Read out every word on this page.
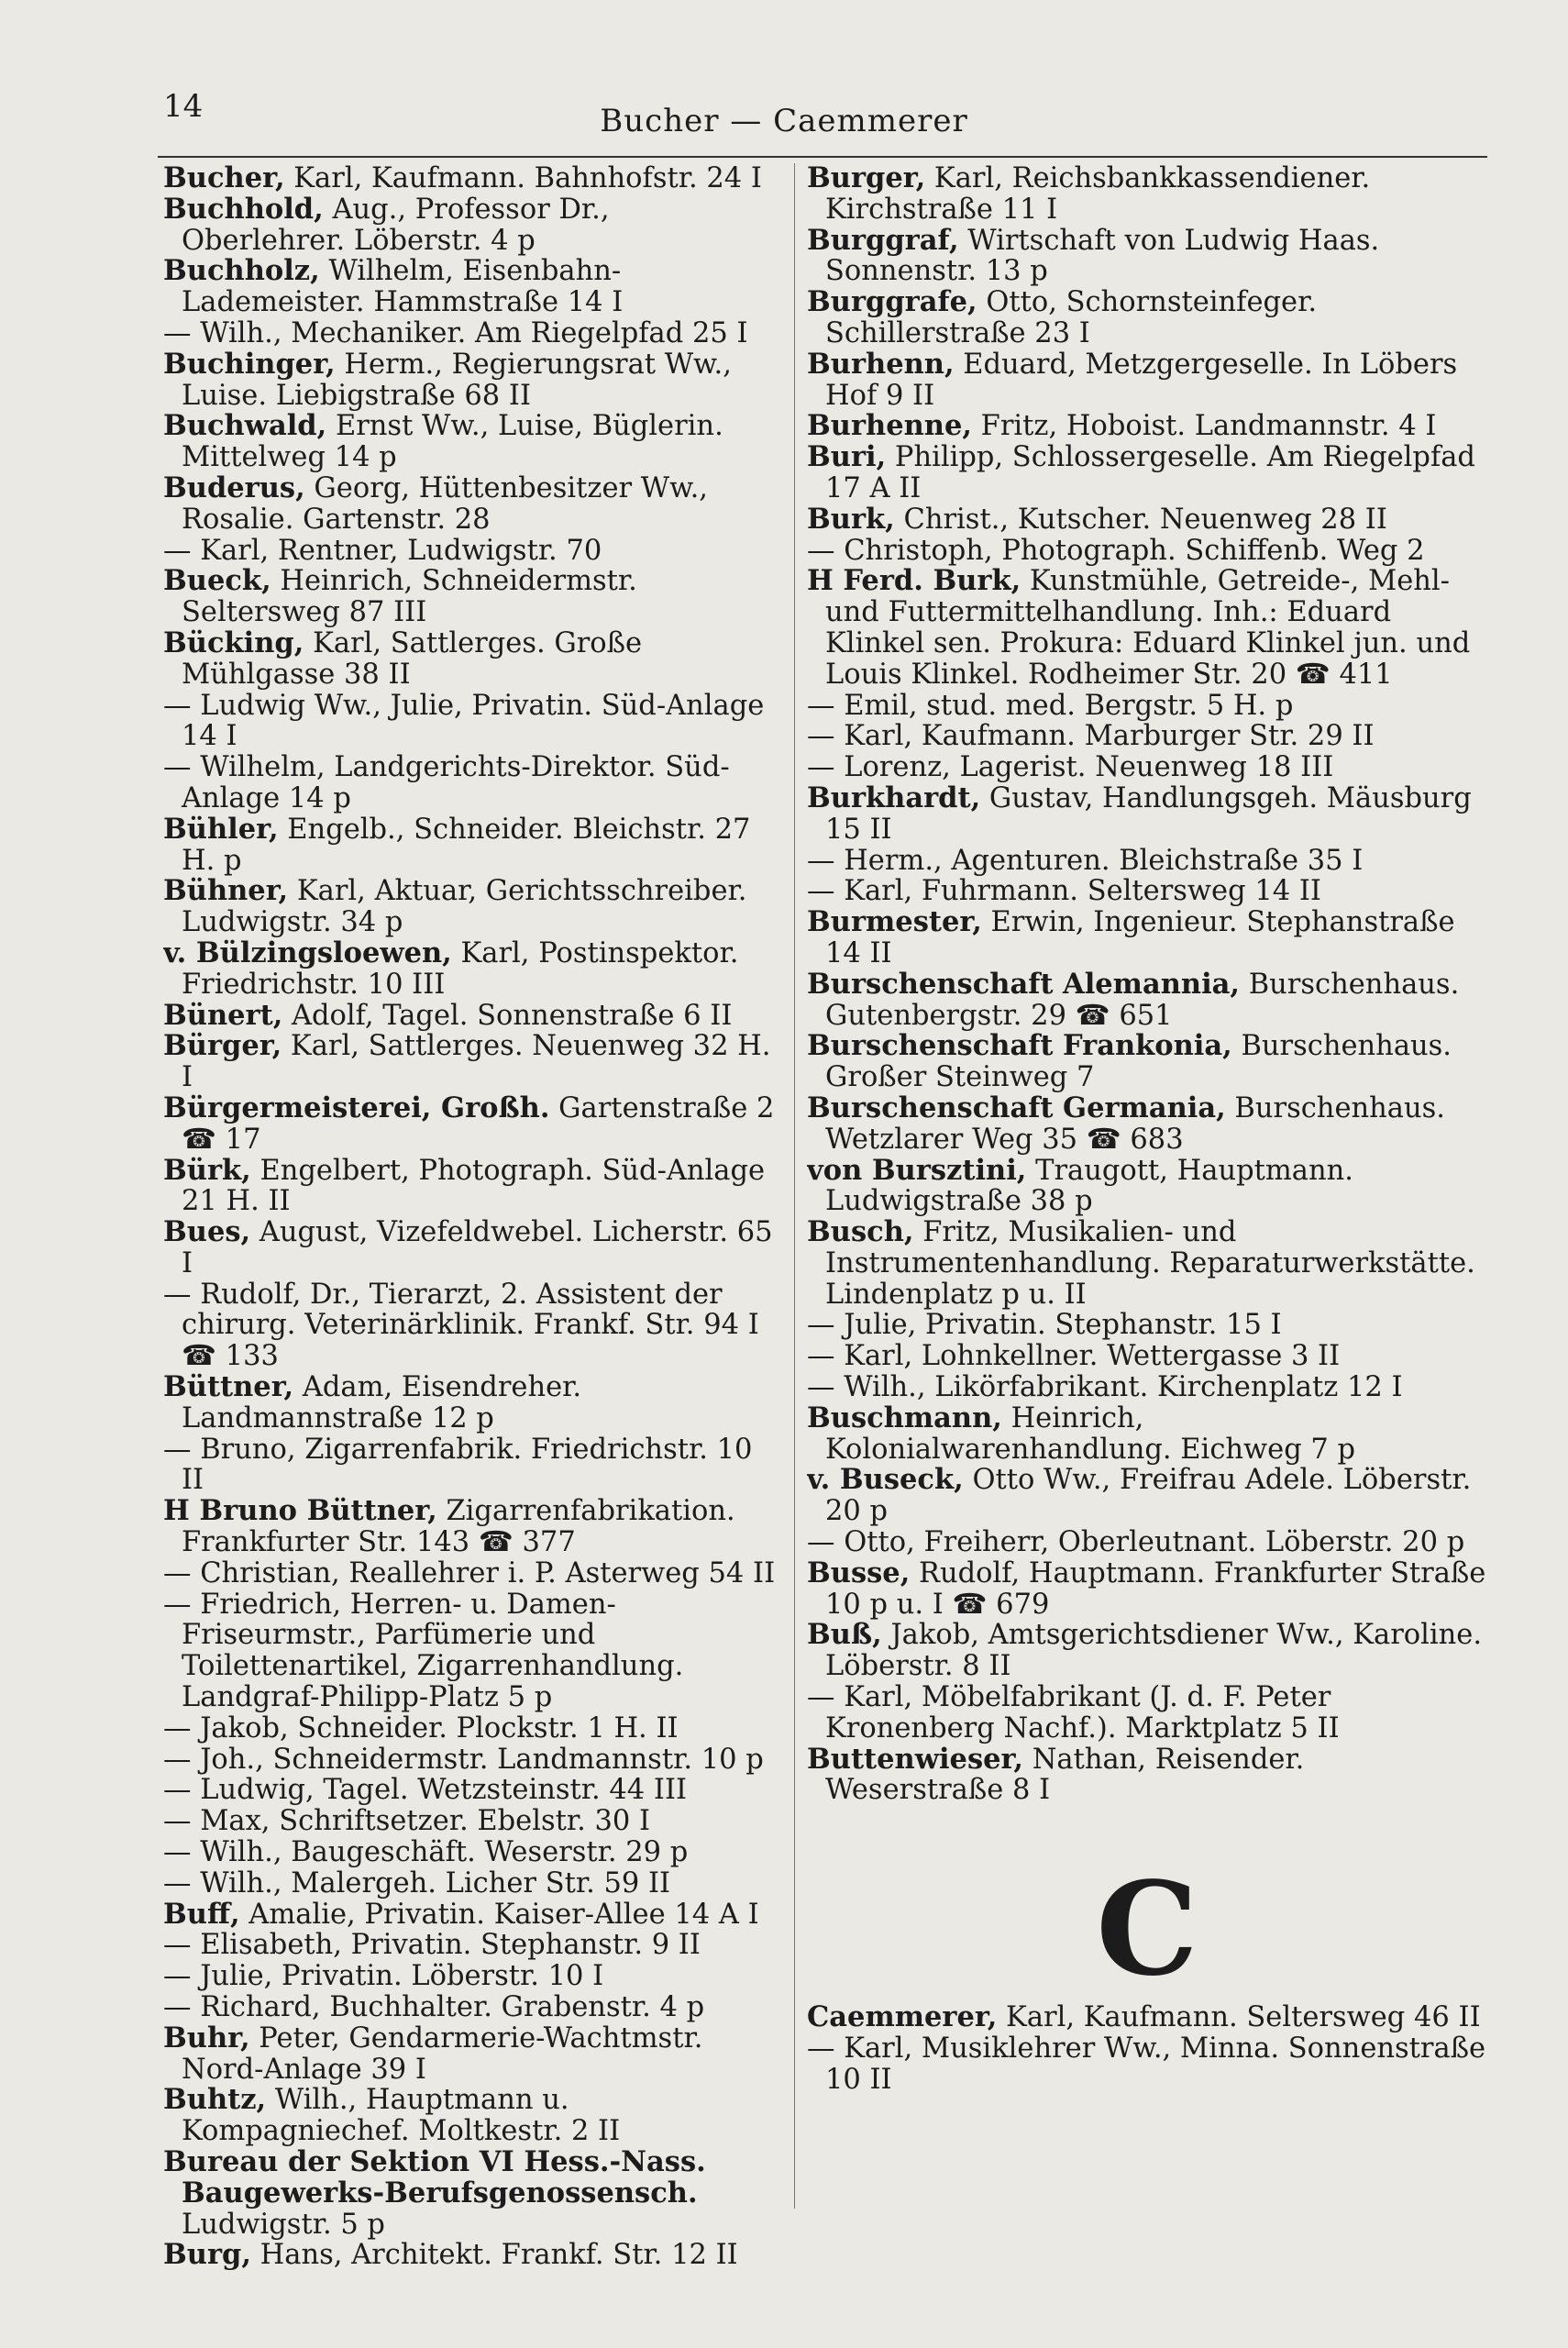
14	Bucher — Caemmerer
Bucher, Karl, Kaufmann. Bahnhofstr. 24 I
Buchhold, Aug., Professor Dr., Oberlehrer. Löberstr. 4 p
Buchholz, Wilhelm, Eisenbahn-Lademeister. Hammstraße 14 I
— Wilh., Mechaniker. Am Riegelpfad 25 I
Buchinger, Herm., Regierungsrat Ww., Luise. Liebigstraße 68 II
Buchwald, Ernst Ww., Luise, Büglerin. Mittelweg 14 p
Buderus, Georg, Hüttenbesitzer Ww., Rosalie. Gartenstr. 28
— Karl, Rentner, Ludwigstr. 70
Bueck, Heinrich, Schneidermstr. Seltersweg 87 III
Bücking, Karl, Sattlerges. Große Mühlgasse 38 II
— Ludwig Ww., Julie, Privatin. Süd-Anlage 14 I
— Wilhelm, Landgerichts-Direktor. Süd-Anlage 14 p
Bühler, Engelb., Schneider. Bleichstr. 27 H. p
Bühner, Karl, Aktuar, Gerichtsschreiber. Ludwigstr. 34 p
v. Bülzingsloewen, Karl, Postinspektor. Friedrichstr. 10 III
Bünert, Adolf, Tagel. Sonnenstraße 6 II
Bürger, Karl, Sattlerges. Neuenweg 32 H. I
Bürgermeisterei, Großh. Gartenstraße 2 ☎ 17
Bürk, Engelbert, Photograph. Süd-Anlage 21 H. II
Bues, August, Vizefeldwebel. Licherstr. 65 I
— Rudolf, Dr., Tierarzt, 2. Assistent der chirurg. Veterinärklinik. Frankf. Str. 94 I ☎ 133
Büttner, Adam, Eisendreher. Landmannstraße 12 p
— Bruno, Zigarrenfabrik. Friedrichstr. 10 II
H Bruno Büttner, Zigarrenfabrikation. Frankfurter Str. 143 ☎ 377
— Christian, Reallehrer i. P. Asterweg 54 II
— Friedrich, Herren- u. Damen-Friseurmstr., Parfümerie und Toilettenartikel, Zigarrenhandlung. Landgraf-Philipp-Platz 5 p
— Jakob, Schneider. Plockstr. 1 H. II
— Joh., Schneidermstr. Landmannstr. 10 p
— Ludwig, Tagel. Wetzsteinstr. 44 III
— Max, Schriftsetzer. Ebelstr. 30 I
— Wilh., Baugeschäft. Weserstr. 29 p
— Wilh., Malergeh. Licher Str. 59 II
Buff, Amalie, Privatin. Kaiser-Allee 14 A I
— Elisabeth, Privatin. Stephanstr. 9 II
— Julie, Privatin. Löberstr. 10 I
— Richard, Buchhalter. Grabenstr. 4 p
Buhr, Peter, Gendarmerie-Wachtmstr. Nord-Anlage 39 I
Buhtz, Wilh., Hauptmann u. Kompagniechef. Moltkestr. 2 II
Bureau der Sektion VI Hess.-Nass. Baugewerks-Berufsgenossensch. Ludwigstr. 5 p
Burg, Hans, Architekt. Frankf. Str. 12 II
Burger, Karl, Reichsbankkassendiener. Kirchstraße 11 I
Burggraf, Wirtschaft von Ludwig Haas. Sonnenstr. 13 p
Burggrafe, Otto, Schornsteinfeger. Schillerstraße 23 I
Burhenn, Eduard, Metzgergeselle. In Löbers Hof 9 II
Burhenne, Fritz, Hoboist. Landmannstr. 4 I
Buri, Philipp, Schlossergeselle. Am Riegelpfad 17 A II
Burk, Christ., Kutscher. Neuenweg 28 II
— Christoph, Photograph. Schiffenb. Weg 2
H Ferd. Burk, Kunstmühle, Getreide-, Mehl- und Futtermittelhandlung. Inh.: Eduard Klinkel sen. Prokura: Eduard Klinkel jun. und Louis Klinkel. Rodheimer Str. 20 ☎ 411
— Emil, stud. med. Bergstr. 5 H. p
— Karl, Kaufmann. Marburger Str. 29 II
— Lorenz, Lagerist. Neuenweg 18 III
Burkhardt, Gustav, Handlungsgeh. Mäusburg 15 II
— Herm., Agenturen. Bleichstraße 35 I
— Karl, Fuhrmann. Seltersweg 14 II
Burmester, Erwin, Ingenieur. Stephanstraße 14 II
Burschenschaft Alemannia, Burschenhaus. Gutenbergstr. 29 ☎ 651
Burschenschaft Frankonia, Burschenhaus. Großer Steinweg 7
Burschenschaft Germania, Burschenhaus. Wetzlarer Weg 35 ☎ 683
von Bursztini, Traugott, Hauptmann. Ludwigstraße 38 p
Busch, Fritz, Musikalien- und Instrumentenhandlung. Reparaturwerkstätte. Lindenplatz p u. II
— Julie, Privatin. Stephanstr. 15 I
— Karl, Lohnkellner. Wettergasse 3 II
— Wilh., Likörfabrikant. Kirchenplatz 12 I
Buschmann, Heinrich, Kolonialwarenhandlung. Eichweg 7 p
v. Buseck, Otto Ww., Freifrau Adele. Löberstr. 20 p
— Otto, Freiherr, Oberleutnant. Löberstr. 20 p
Busse, Rudolf, Hauptmann. Frankfurter Straße 10 p u. I ☎ 679
Buß, Jakob, Amtsgerichtsdiener Ww., Karoline. Löberstr. 8 II
— Karl, Möbelfabrikant (J. d. F. Peter Kronenberg Nachf.). Marktplatz 5 II
Buttenwieser, Nathan, Reisender. Weserstraße 8 I
C
Caemmerer, Karl, Kaufmann. Seltersweg 46 II
— Karl, Musiklehrer Ww., Minna. Sonnenstraße 10 II
